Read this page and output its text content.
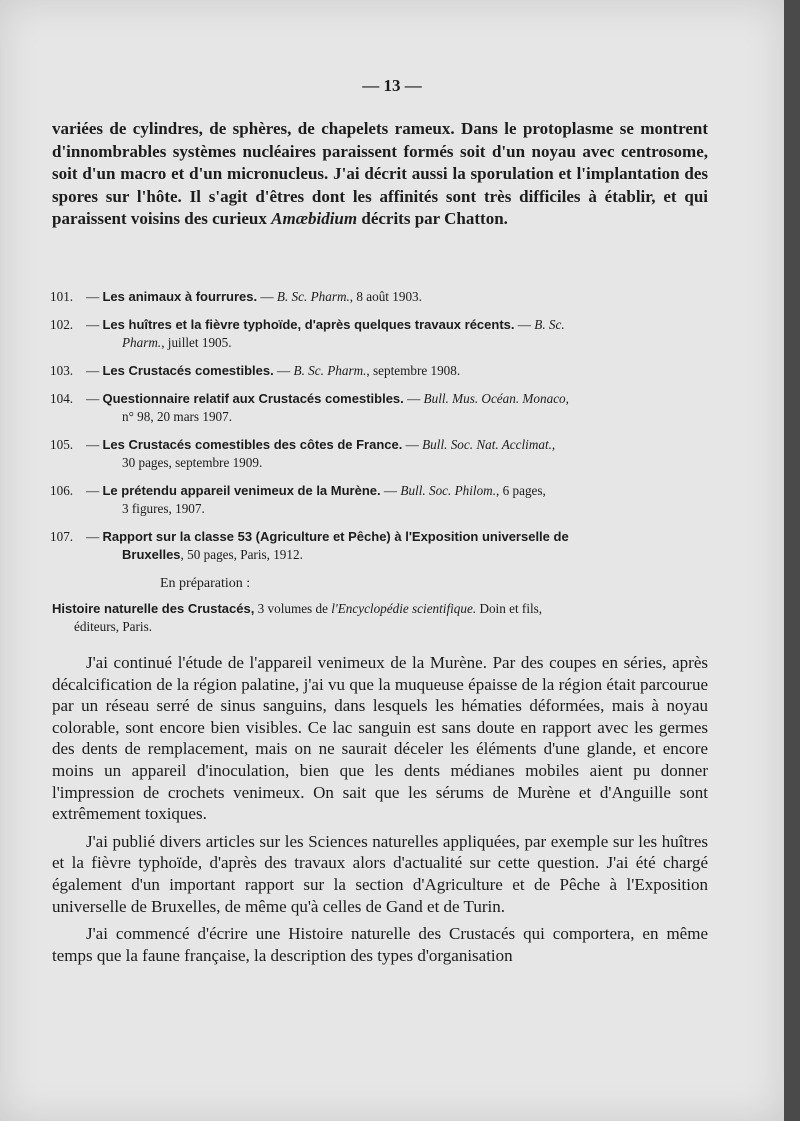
— 13 —
variées de cylindres, de sphères, de chapelets rameux. Dans le protoplasme se montrent d'innombrables systèmes nucléaires paraissent formés soit d'un noyau avec centrosome, soit d'un macro et d'un micronucleus. J'ai décrit aussi la sporulation et l'implantation des spores sur l'hôte. Il s'agit d'êtres dont les affinités sont très difficiles à établir, et qui paraissent voisins des curieux Amæbidium décrits par Chatton.
101. — Les animaux à fourrures. — B. Sc. Pharm., 8 août 1903.
102. — Les huîtres et la fièvre typhoïde, d'après quelques travaux récents. — B. Sc.
Pharm., juillet 1905.
103. — Les Crustacés comestibles. — B. Sc. Pharm., septembre 1908.
104. — Questionnaire relatif aux Crustacés comestibles. — Bull. Mus. Océan. Monaco,
n° 98, 20 mars 1907.
105. — Les Crustacés comestibles des côtes de France. — Bull. Soc. Nat. Acclimat.,
30 pages, septembre 1909.
106. — Le prétendu appareil venimeux de la Murène. — Bull. Soc. Philom., 6 pages,
3 figures, 1907.
107. — Rapport sur la classe 53 (Agriculture et Pêche) à l'Exposition universelle de
Bruxelles, 50 pages, Paris, 1912.
En préparation :
Histoire naturelle des Crustacés, 3 volumes de l'Encyclopédie scientifique. Doin et fils,
éditeurs, Paris.

J'ai continué l'étude de l'appareil venimeux de la Murène. Par des coupes en séries, après décalcification de la région palatine, j'ai vu que la muqueuse épaisse de la région était parcourue par un réseau serré de sinus sanguins, dans lesquels les hématies déformées, mais à noyau colorable, sont encore bien visibles. Ce lac sanguin est sans doute en rapport avec les germes des dents de remplacement, mais on ne saurait déceler les éléments d'une glande, et encore moins un appareil d'inoculation, bien que les dents médianes mobiles aient pu donner l'impression de crochets venimeux. On sait que les sérums de Murène et d'Anguille sont extrêmement toxiques.

J'ai publié divers articles sur les Sciences naturelles appliquées, par exemple sur les huîtres et la fièvre typhoïde, d'après des travaux alors d'actualité sur cette question. J'ai été chargé également d'un important rapport sur la section d'Agriculture et de Pêche à l'Exposition universelle de Bruxelles, de même qu'à celles de Gand et de Turin.

J'ai commencé d'écrire une Histoire naturelle des Crustacés qui comportera, en même temps que la faune française, la description des types d'organisation
